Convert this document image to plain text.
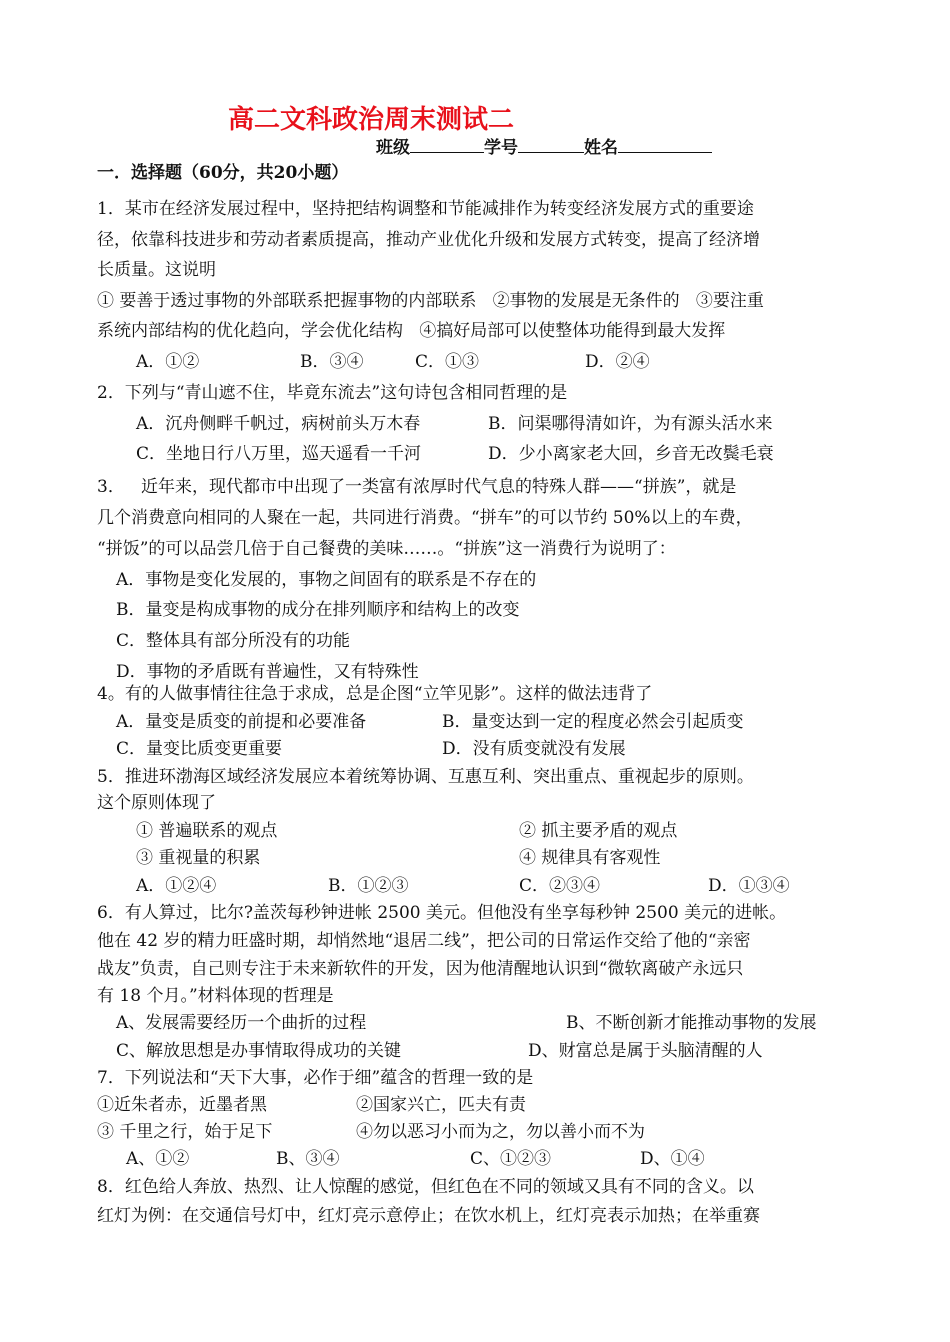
高二文科政治周末测试二
班级	学号	姓名
一．选择题（60分，共20小题）
1．某市在经济发展过程中，坚持把结构调整和节能减排作为转变经济发展方式的重要途
径，依靠科技进步和劳动者素质提高，推动产业优化升级和发展方式转变，提高了经济增
长质量。这说明
① 要善于透过事物的外部联系把握事物的内部联系   ②事物的发展是无条件的   ③要注重
系统内部结构的优化趋向，学会优化结构   ④搞好局部可以使整体功能得到最大发挥
A．①②	B．③④	C．①③	D．②④
2．下列与“青山遮不住，毕竟东流去”这句诗包含相同哲理的是
A．沉舟侧畔千帆过，病树前头万木春	B．问渠哪得清如许，为有源头活水来
C．坐地日行八万里，巡天遥看一千河	D．少小离家老大回，乡音无改鬓毛衰
3．   近年来，现代都市中出现了一类富有浓厚时代气息的特殊人群——“拼族”，就是
几个消费意向相同的人聚在一起，共同进行消费。“拼车”的可以节约 50%以上的车费，
“拼饭”的可以品尝几倍于自己餐费的美味……。“拼族”这一消费行为说明了：
A．事物是变化发展的，事物之间固有的联系是不存在的
B．量变是构成事物的成分在排列顺序和结构上的改变
C．整体具有部分所没有的功能
D．事物的矛盾既有普遍性，又有特殊性
4。有的人做事情往往急于求成，总是企图“立竿见影”。这样的做法违背了
A．量变是质变的前提和必要准备	B．量变达到一定的程度必然会引起质变
C．量变比质变更重要	D．没有质变就没有发展
5．推进环渤海区域经济发展应本着统筹协调、互惠互利、突出重点、重视起步的原则。
这个原则体现了
① 普遍联系的观点	② 抓主要矛盾的观点
③ 重视量的积累	④ 规律具有客观性
A．①②④	B．①②③	C．②③④	D．①③④
6．有人算过，比尔?盖茨每秒钟进帐 2500 美元。但他没有坐享每秒钟 2500 美元的进帐。
他在 42 岁的精力旺盛时期，却悄然地“退居二线”，把公司的日常运作交给了他的“亲密
战友”负责，自己则专注于未来新软件的开发，因为他清醒地认识到“微软离破产永远只
有 18 个月。”材料体现的哲理是
A、发展需要经历一个曲折的过程	B、不断创新才能推动事物的发展
C、解放思想是办事情取得成功的关键	D、财富总是属于头脑清醒的人
7．下列说法和“天下大事，必作于细”蕴含的哲理一致的是
①近朱者赤，近墨者黑	②国家兴亡，匹夫有责
③ 千里之行，始于足下	④勿以恶习小而为之，勿以善小而不为
A、①②	B、③④	C、①②③	D、①④
8．红色给人奔放、热烈、让人惊醒的感觉，但红色在不同的领域又具有不同的含义。以
红灯为例：在交通信号灯中，红灯亮示意停止；在饮水机上，红灯亮表示加热；在举重赛
